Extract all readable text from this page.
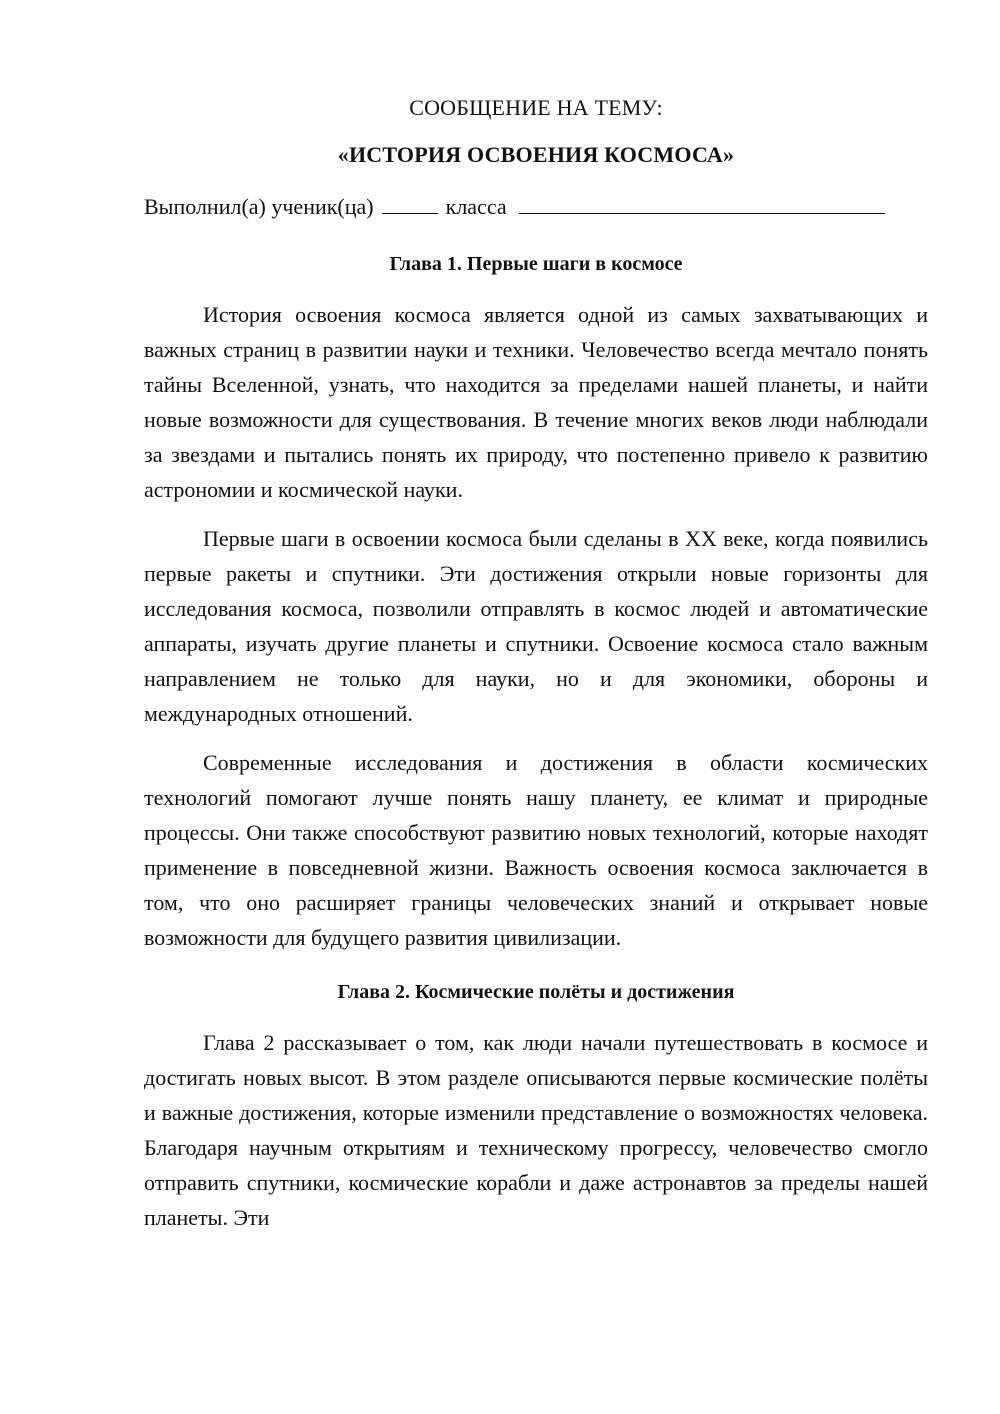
СООБЩЕНИЕ НА ТЕМУ:

«ИСТОРИЯ ОСВОЕНИЯ КОСМОСА»

Выполнил(а) ученик(ца)	класса

Глава 1. Первые шаги в космосе

История освоения космоса является одной из самых захватывающих и важных страниц в развитии науки и техники. Человечество всегда мечтало понять тайны Вселенной, узнать, что находится за пределами нашей планеты, и найти новые возможности для существования. В течение многих веков люди наблюдали за звездами и пытались понять их природу, что постепенно привело к развитию астрономии и космической науки.

Первые шаги в освоении космоса были сделаны в XX веке, когда появились первые ракеты и спутники. Эти достижения открыли новые горизонты для исследования космоса, позволили отправлять в космос людей и автоматические аппараты, изучать другие планеты и спутники. Освоение космоса стало важным направлением не только для науки, но и для экономики, обороны и международных отношений.

Современные исследования и достижения в области космических технологий помогают лучше понять нашу планету, ее климат и природные процессы. Они также способствуют развитию новых технологий, которые находят применение в повседневной жизни. Важность освоения космоса заключается в том, что оно расширяет границы человеческих знаний и открывает новые возможности для будущего развития цивилизации.

Глава 2. Космические полёты и достижения

Глава 2 рассказывает о том, как люди начали путешествовать в космосе и достигать новых высот. В этом разделе описываются первые космические полёты и важные достижения, которые изменили представление о возможностях человека. Благодаря научным открытиям и техническому прогрессу, человечество смогло отправить спутники, космические корабли и даже астронавтов за пределы нашей планеты. Эти
